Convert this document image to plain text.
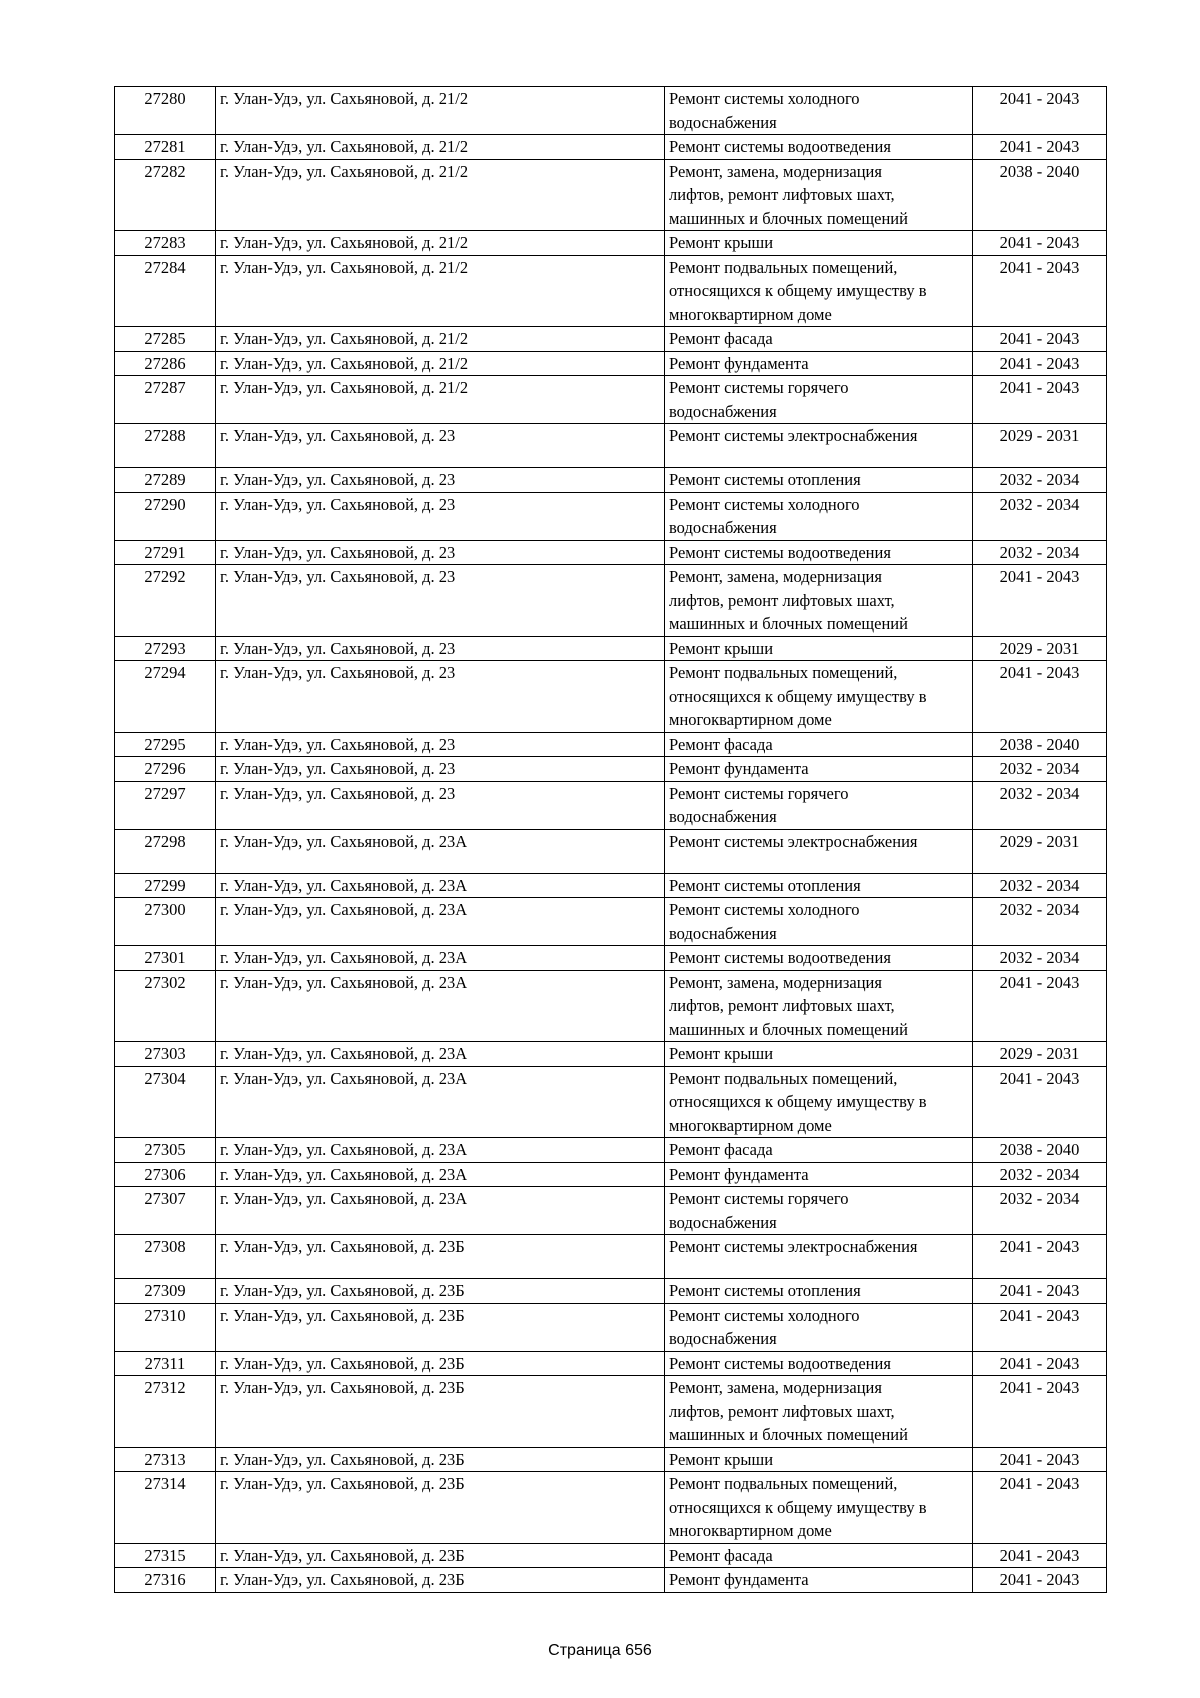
27280	г. Улан-Удэ, ул. Сахьяновой, д. 21/2	Ремонт системы холодного
водоснабжения	2041 - 2043
27281	г. Улан-Удэ, ул. Сахьяновой, д. 21/2	Ремонт системы водоотведения	2041 - 2043
27282	г. Улан-Удэ, ул. Сахьяновой, д. 21/2	Ремонт, замена, модернизация
лифтов, ремонт лифтовых шахт,
машинных и блочных помещений	2038 - 2040
27283	г. Улан-Удэ, ул. Сахьяновой, д. 21/2	Ремонт крыши	2041 - 2043
27284	г. Улан-Удэ, ул. Сахьяновой, д. 21/2	Ремонт подвальных помещений,
относящихся к общему имуществу в
многоквартирном доме	2041 - 2043
27285	г. Улан-Удэ, ул. Сахьяновой, д. 21/2	Ремонт фасада	2041 - 2043
27286	г. Улан-Удэ, ул. Сахьяновой, д. 21/2	Ремонт фундамента	2041 - 2043
27287	г. Улан-Удэ, ул. Сахьяновой, д. 21/2	Ремонт системы горячего
водоснабжения	2041 - 2043
27288	г. Улан-Удэ, ул. Сахьяновой, д. 23	Ремонт системы электроснабжения	2029 - 2031
27289	г. Улан-Удэ, ул. Сахьяновой, д. 23	Ремонт системы отопления	2032 - 2034
27290	г. Улан-Удэ, ул. Сахьяновой, д. 23	Ремонт системы холодного
водоснабжения	2032 - 2034
27291	г. Улан-Удэ, ул. Сахьяновой, д. 23	Ремонт системы водоотведения	2032 - 2034
27292	г. Улан-Удэ, ул. Сахьяновой, д. 23	Ремонт, замена, модернизация
лифтов, ремонт лифтовых шахт,
машинных и блочных помещений	2041 - 2043
27293	г. Улан-Удэ, ул. Сахьяновой, д. 23	Ремонт крыши	2029 - 2031
27294	г. Улан-Удэ, ул. Сахьяновой, д. 23	Ремонт подвальных помещений,
относящихся к общему имуществу в
многоквартирном доме	2041 - 2043
27295	г. Улан-Удэ, ул. Сахьяновой, д. 23	Ремонт фасада	2038 - 2040
27296	г. Улан-Удэ, ул. Сахьяновой, д. 23	Ремонт фундамента	2032 - 2034
27297	г. Улан-Удэ, ул. Сахьяновой, д. 23	Ремонт системы горячего
водоснабжения	2032 - 2034
27298	г. Улан-Удэ, ул. Сахьяновой, д. 23А	Ремонт системы электроснабжения	2029 - 2031
27299	г. Улан-Удэ, ул. Сахьяновой, д. 23А	Ремонт системы отопления	2032 - 2034
27300	г. Улан-Удэ, ул. Сахьяновой, д. 23А	Ремонт системы холодного
водоснабжения	2032 - 2034
27301	г. Улан-Удэ, ул. Сахьяновой, д. 23А	Ремонт системы водоотведения	2032 - 2034
27302	г. Улан-Удэ, ул. Сахьяновой, д. 23А	Ремонт, замена, модернизация
лифтов, ремонт лифтовых шахт,
машинных и блочных помещений	2041 - 2043
27303	г. Улан-Удэ, ул. Сахьяновой, д. 23А	Ремонт крыши	2029 - 2031
27304	г. Улан-Удэ, ул. Сахьяновой, д. 23А	Ремонт подвальных помещений,
относящихся к общему имуществу в
многоквартирном доме	2041 - 2043
27305	г. Улан-Удэ, ул. Сахьяновой, д. 23А	Ремонт фасада	2038 - 2040
27306	г. Улан-Удэ, ул. Сахьяновой, д. 23А	Ремонт фундамента	2032 - 2034
27307	г. Улан-Удэ, ул. Сахьяновой, д. 23А	Ремонт системы горячего
водоснабжения	2032 - 2034
27308	г. Улан-Удэ, ул. Сахьяновой, д. 23Б	Ремонт системы электроснабжения	2041 - 2043
27309	г. Улан-Удэ, ул. Сахьяновой, д. 23Б	Ремонт системы отопления	2041 - 2043
27310	г. Улан-Удэ, ул. Сахьяновой, д. 23Б	Ремонт системы холодного
водоснабжения	2041 - 2043
27311	г. Улан-Удэ, ул. Сахьяновой, д. 23Б	Ремонт системы водоотведения	2041 - 2043
27312	г. Улан-Удэ, ул. Сахьяновой, д. 23Б	Ремонт, замена, модернизация
лифтов, ремонт лифтовых шахт,
машинных и блочных помещений	2041 - 2043
27313	г. Улан-Удэ, ул. Сахьяновой, д. 23Б	Ремонт крыши	2041 - 2043
27314	г. Улан-Удэ, ул. Сахьяновой, д. 23Б	Ремонт подвальных помещений,
относящихся к общему имуществу в
многоквартирном доме	2041 - 2043
27315	г. Улан-Удэ, ул. Сахьяновой, д. 23Б	Ремонт фасада	2041 - 2043
27316	г. Улан-Удэ, ул. Сахьяновой, д. 23Б	Ремонт фундамента	2041 - 2043
Страница 656
